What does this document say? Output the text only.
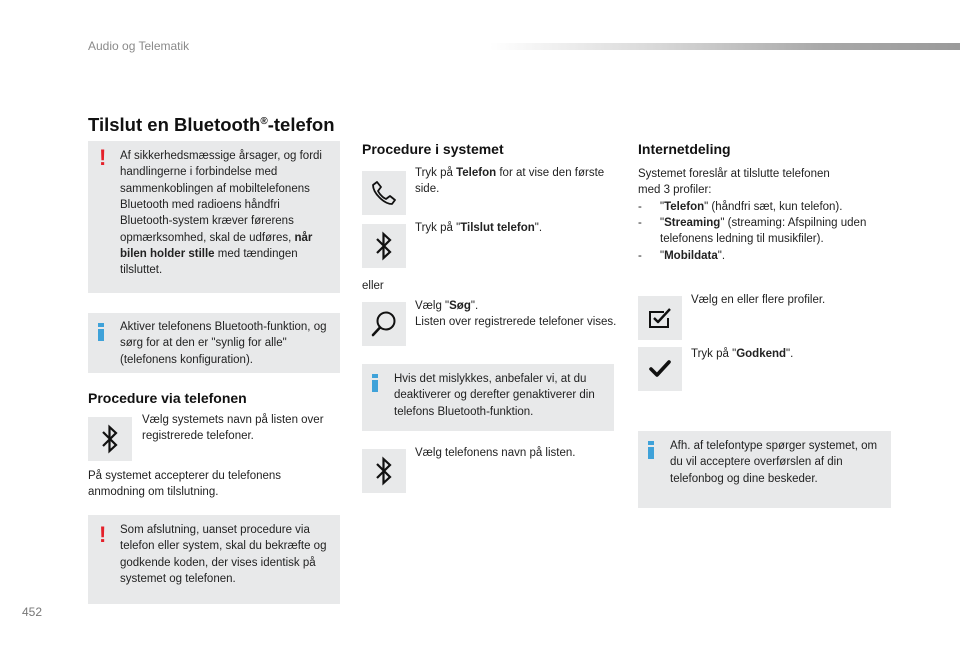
Audio og Telematik
452
Tilslut en Bluetooth®-telefon
! Af sikkerhedsmæssige årsager, og fordi handlingerne i forbindelse med sammenkoblingen af mobiltelefonens Bluetooth med radioens håndfri Bluetooth-system kræver førerens opmærksomhed, skal de udføres, når bilen holder stille med tændingen tilsluttet.
Aktiver telefonens Bluetooth-funktion, og sørg for at den er "synlig for alle" (telefonens konfiguration).
Procedure via telefonen
Vælg systemets navn på listen over registrerede telefoner.
På systemet accepterer du telefonens anmodning om tilslutning.
! Som afslutning, uanset procedure via telefon eller system, skal du bekræfte og godkende koden, der vises identisk på systemet og telefonen.
Procedure i systemet
Tryk på Telefon for at vise den første side.
Tryk på "Tilslut telefon".
eller
Vælg "Søg".
Listen over registrerede telefoner vises.
Hvis det mislykkes, anbefaler vi, at du deaktiverer og derefter genaktiverer din telefons Bluetooth-funktion.
Vælg telefonens navn på listen.
Internetdeling
Systemet foreslår at tilslutte telefonen med 3 profiler:
- "Telefon" (håndfri sæt, kun telefon).
- "Streaming" (streaming: Afspilning uden telefonens ledning til musikfiler).
- "Mobildata".
Vælg en eller flere profiler.
Tryk på "Godkend".
Afh. af telefontype spørger systemet, om du vil acceptere overførslen af din telefonbog og dine beskeder.
